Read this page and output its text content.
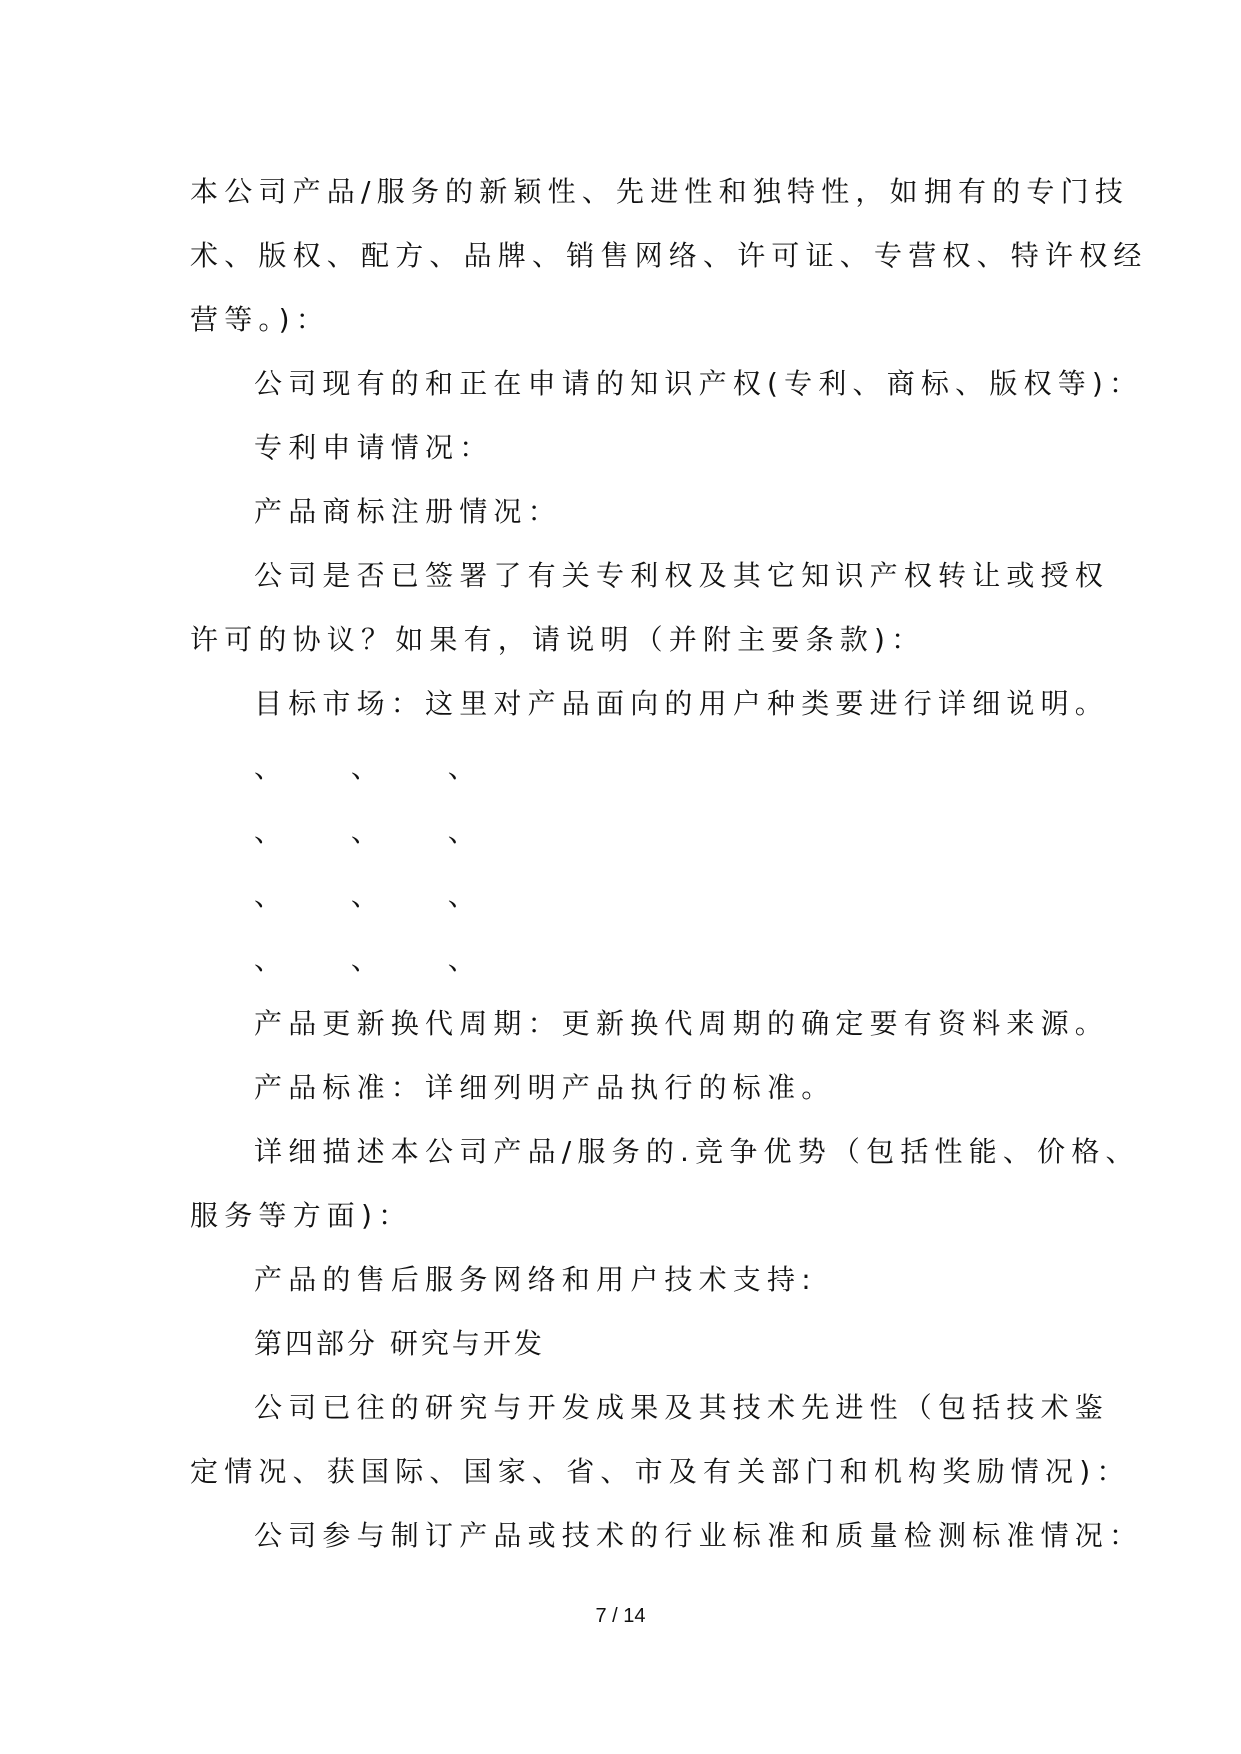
本公司产品/服务的新颖性、先进性和独特性，如拥有的专门技
术、版权、配方、品牌、销售网络、许可证、专营权、特许权经
营等。)：
公司现有的和正在申请的知识产权(专利、商标、版权等)：
专利申请情况：
产品商标注册情况：
公司是否已签署了有关专利权及其它知识产权转让或授权
许可的协议？如果有，请说明（并附主要条款)：
目标市场：这里对产品面向的用户种类要进行详细说明。
、 、 、
、 、 、
、 、 、
、 、 、
产品更新换代周期：更新换代周期的确定要有资料来源。
产品标准：详细列明产品执行的标准。
详细描述本公司产品/服务的.竞争优势（包括性能、价格、
服务等方面)：
产品的售后服务网络和用户技术支持:
第四部分 研究与开发
公司已往的研究与开发成果及其技术先进性（包括技术鉴
定情况、获国际、国家、省、市及有关部门和机构奖励情况)：
公司参与制订产品或技术的行业标准和质量检测标准情况：
7 / 14
